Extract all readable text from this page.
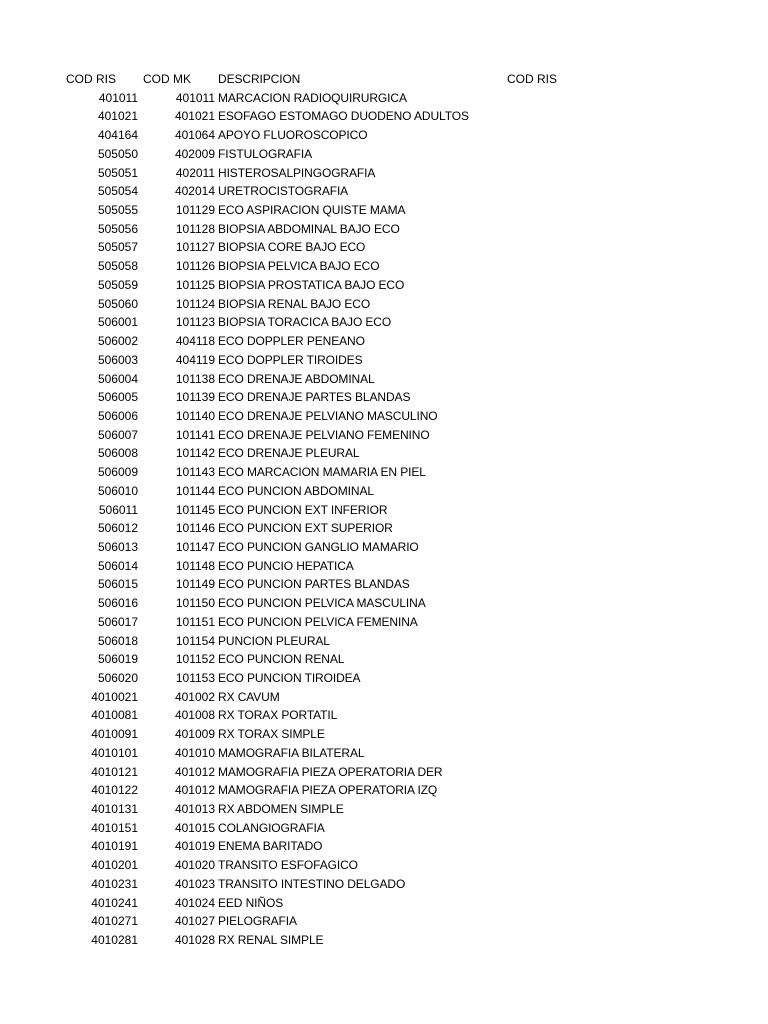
COD RIS	COD MK	DESCRIPCION	COD RIS
401011	401011 MARCACION RADIOQUIRURGICA
401021	401021 ESOFAGO ESTOMAGO DUODENO ADULTOS
404164	401064 APOYO FLUOROSCOPICO
505050	402009 FISTULOGRAFIA
505051	402011 HISTEROSALPINGOGRAFIA
505054	402014 URETROCISTOGRAFIA
505055	101129 ECO ASPIRACION QUISTE MAMA
505056	101128 BIOPSIA ABDOMINAL BAJO ECO
505057	101127 BIOPSIA CORE BAJO ECO
505058	101126 BIOPSIA PELVICA BAJO ECO
505059	101125 BIOPSIA PROSTATICA BAJO ECO
505060	101124 BIOPSIA RENAL BAJO ECO
506001	101123 BIOPSIA TORACICA BAJO ECO
506002	404118 ECO DOPPLER PENEANO
506003	404119 ECO DOPPLER TIROIDES
506004	101138 ECO DRENAJE ABDOMINAL
506005	101139 ECO DRENAJE PARTES BLANDAS
506006	101140 ECO DRENAJE PELVIANO MASCULINO
506007	101141 ECO DRENAJE PELVIANO FEMENINO
506008	101142 ECO DRENAJE PLEURAL
506009	101143 ECO MARCACION MAMARIA EN PIEL
506010	101144 ECO PUNCION ABDOMINAL
506011	101145 ECO PUNCION EXT INFERIOR
506012	101146 ECO PUNCION EXT SUPERIOR
506013	101147 ECO PUNCION GANGLIO MAMARIO
506014	101148 ECO PUNCIO HEPATICA
506015	101149 ECO PUNCION PARTES BLANDAS
506016	101150 ECO PUNCION PELVICA MASCULINA
506017	101151 ECO PUNCION PELVICA FEMENINA
506018	101154 PUNCION PLEURAL
506019	101152 ECO PUNCION RENAL
506020	101153 ECO PUNCION TIROIDEA
4010021	401002 RX CAVUM
4010081	401008 RX TORAX PORTATIL
4010091	401009 RX TORAX SIMPLE
4010101	401010 MAMOGRAFIA BILATERAL
4010121	401012 MAMOGRAFIA PIEZA OPERATORIA DER
4010122	401012 MAMOGRAFIA PIEZA OPERATORIA IZQ
4010131	401013 RX ABDOMEN SIMPLE
4010151	401015 COLANGIOGRAFIA
4010191	401019 ENEMA BARITADO
4010201	401020 TRANSITO ESFOFAGICO
4010231	401023 TRANSITO INTESTINO DELGADO
4010241	401024 EED NIÑOS
4010271	401027 PIELOGRAFIA
4010281	401028 RX RENAL SIMPLE
